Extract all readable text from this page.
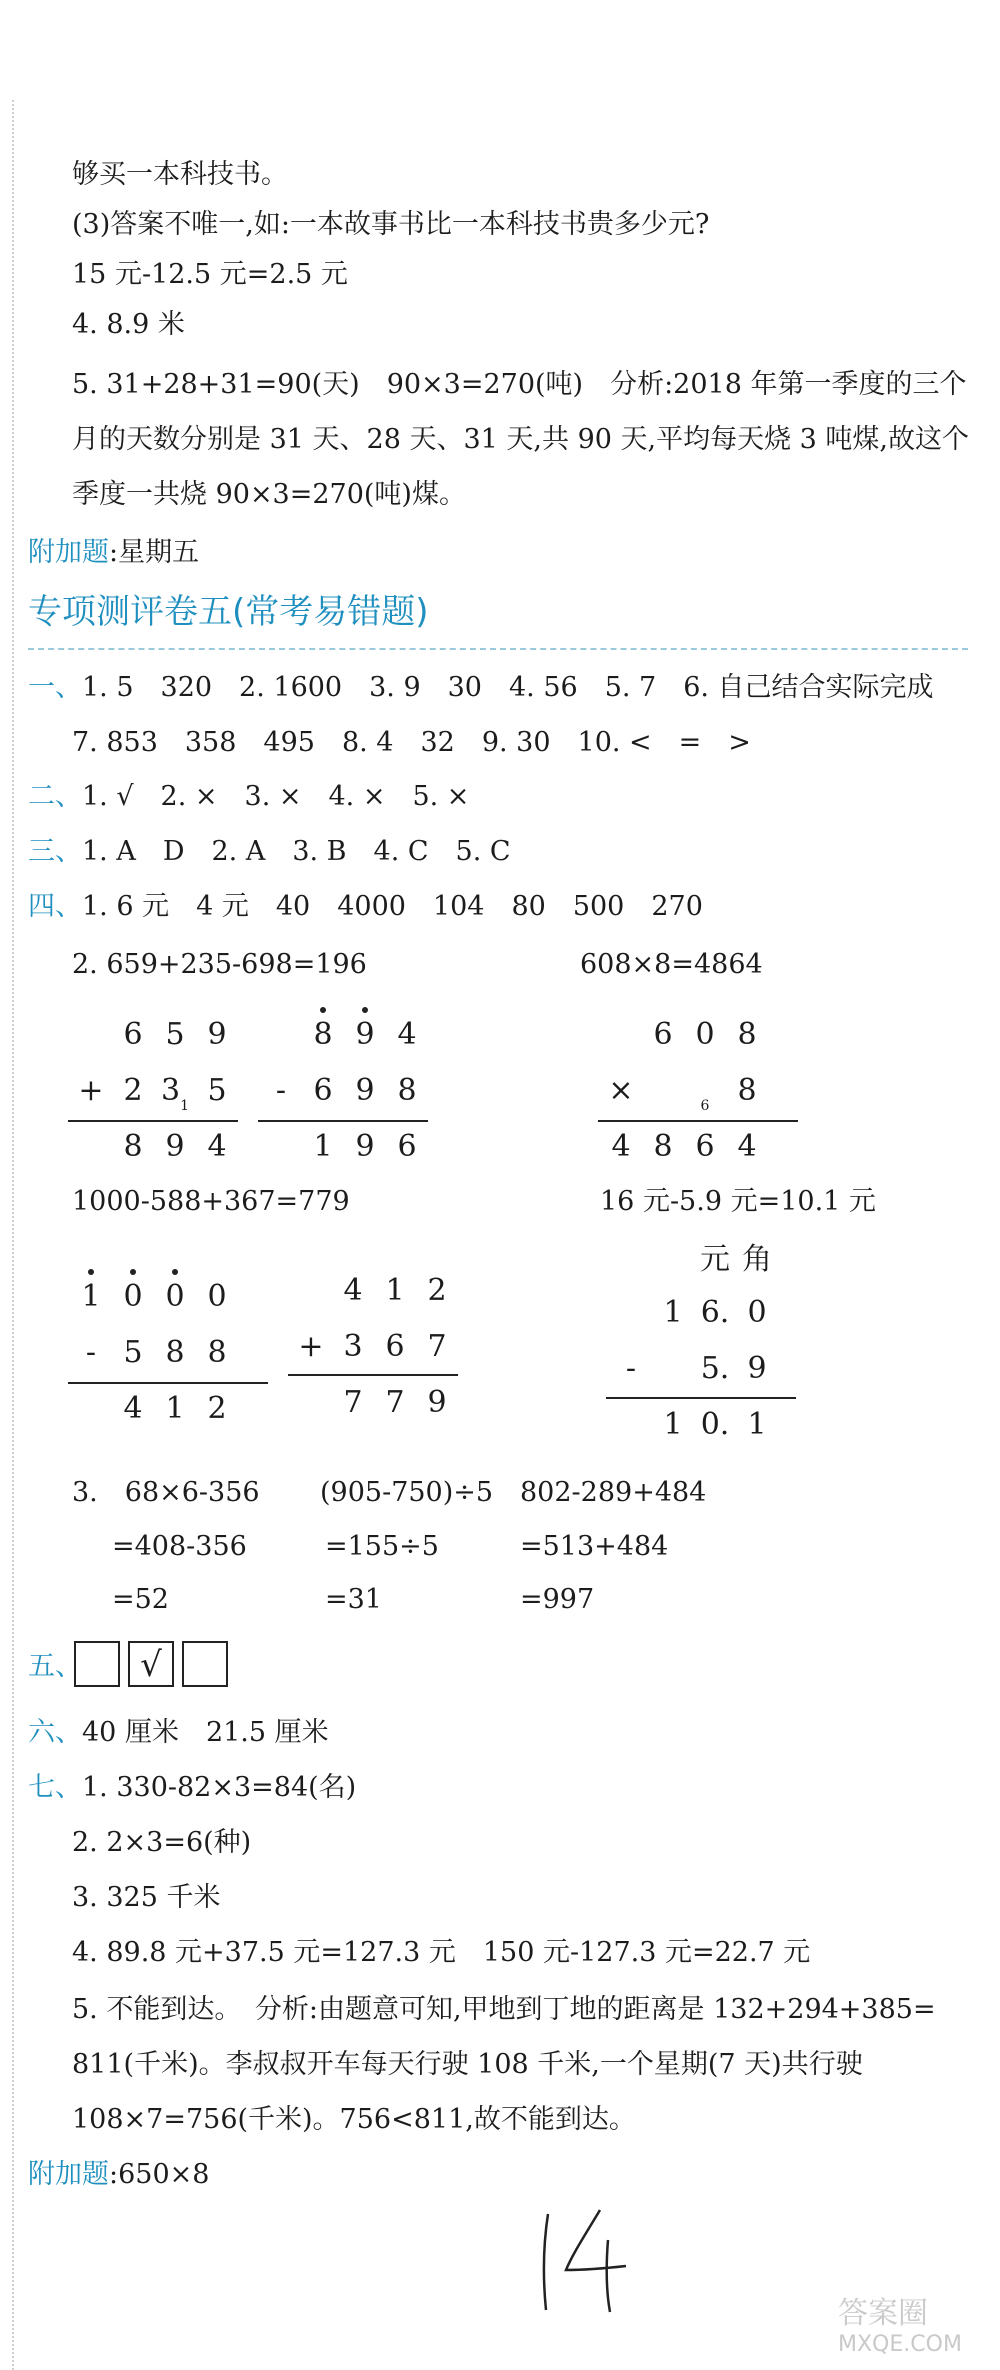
够买一本科技书。
(3)答案不唯一,如:一本故事书比一本科技书贵多少元?
15 元-12.5 元=2.5 元
4. 8.9 米
5. 31+28+31=90(天)　90×3=270(吨)　分析:2018 年第一季度的三个
月的天数分别是 31 天、28 天、31 天,共 90 天,平均每天烧 3 吨煤,故这个
季度一共烧 90×3=270(吨)煤。
附加题:星期五
专项测评卷五(常考易错题)
一、1. 5　320　2. 1600　3. 9　30　4. 56　5. 7　6. 自己结合实际完成
7. 853　358　495　8. 4　32　9. 30　10. <　=　>
二、1. √　2. ×　3. ×　4. ×　5. ×
三、1. A　D　2. A　3. B　4. C　5. C
四、1. 6 元　4 元　40　4000　104　80　500　270
2. 659+235-698=196	608×8=4864
6 5 9
+ 2 $3_1$ 5
8 9 4
8 9 4
- 6 9 8
1 9 6
6 0 8
×	$_6$ 8
4 8 6 4
1000-588+367=779	16 元-5.9 元=10.1 元
1 0 0 0
- 5 8 8
4 1 2
4 1 2
+ 3 6 7
7 7 9
元 角
1 6. 0
-	5. 9
1 0. 1
3.　68×6-356
=408-356
=52
(905-750)÷5
=155÷5
=31
802-289+484
=513+484
=997
五、	√
六、40 厘米　21.5 厘米
七、1. 330-82×3=84(名)
2. 2×3=6(种)
3. 325 千米
4. 89.8 元+37.5 元=127.3 元　150 元-127.3 元=22.7 元
5. 不能到达。　分析:由题意可知,甲地到丁地的距离是 132+294+385=
811(千米)。李叔叔开车每天行驶 108 千米,一个星期(7 天)共行驶
108×7=756(千米)。756<811,故不能到达。
附加题:650×8
14
答案圈
MXQE.COM
